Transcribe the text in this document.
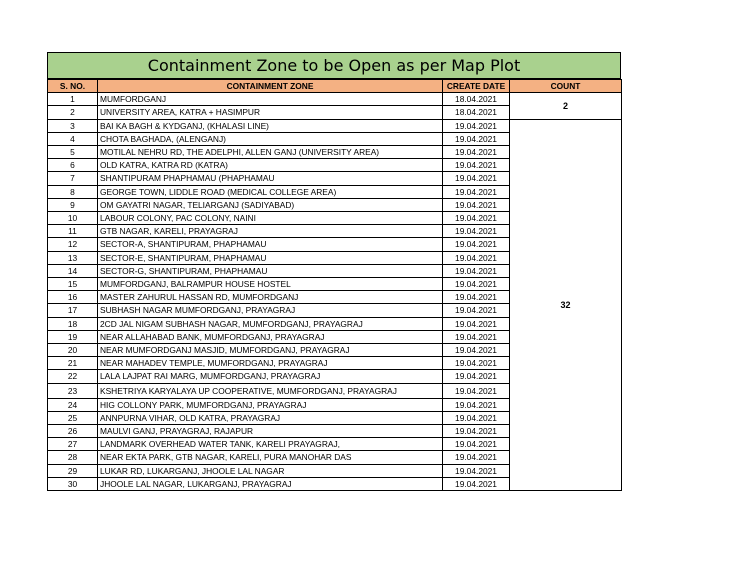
Containment Zone to be Open as per Map Plot
S. NO.	CONTAINMENT ZONE	CREATE DATE	COUNT
1	MUMFORDGANJ	18.04.2021	2
2	UNIVERSITY AREA, KATRA + HASIMPUR	18.04.2021	
3	BAI KA BAGH & KYDGANJ, (KHALASI LINE)	19.04.2021	32
4	CHOTA BAGHADA, (ALENGANJ)	19.04.2021	
5	MOTILAL NEHRU RD, THE ADELPHI, ALLEN GANJ (UNIVERSITY AREA)	19.04.2021	
6	OLD KATRA, KATRA RD (KATRA)	19.04.2021	
7	SHANTIPURAM PHAPHAMAU (PHAPHAMAU	19.04.2021	
8	GEORGE TOWN, LIDDLE ROAD (MEDICAL COLLEGE AREA)	19.04.2021	
9	OM GAYATRI NAGAR, TELIARGANJ (SADIYABAD)	19.04.2021	
10	LABOUR COLONY, PAC COLONY, NAINI	19.04.2021	
11	GTB NAGAR, KARELI, PRAYAGRAJ	19.04.2021	
12	SECTOR-A, SHANTIPURAM, PHAPHAMAU	19.04.2021	
13	SECTOR-E, SHANTIPURAM, PHAPHAMAU	19.04.2021	
14	SECTOR-G, SHANTIPURAM, PHAPHAMAU	19.04.2021	
15	MUMFORDGANJ, BALRAMPUR HOUSE HOSTEL	19.04.2021	
16	MASTER ZAHURUL HASSAN RD, MUMFORDGANJ	19.04.2021	
17	SUBHASH NAGAR MUMFORDGANJ, PRAYAGRAJ	19.04.2021	
18	2CD JAL NIGAM SUBHASH NAGAR, MUMFORDGANJ, PRAYAGRAJ	19.04.2021	
19	NEAR ALLAHABAD BANK, MUMFORDGANJ, PRAYAGRAJ	19.04.2021	
20	NEAR MUMFORDGANJ MASJID, MUMFORDGANJ, PRAYAGRAJ	19.04.2021	
21	NEAR MAHADEV TEMPLE, MUMFORDGANJ, PRAYAGRAJ	19.04.2021	
22	LALA LAJPAT RAI MARG, MUMFORDGANJ, PRAYAGRAJ	19.04.2021	
23	KSHETRIYA KARYALAYA UP COOPERATIVE, MUMFORDGANJ, PRAYAGRAJ	19.04.2021	
24	HIG COLLONY PARK, MUMFORDGANJ, PRAYAGRAJ	19.04.2021	
25	ANNPURNA VIHAR, OLD KATRA, PRAYAGRAJ	19.04.2021	
26	MAULVI GANJ, PRAYAGRAJ, RAJAPUR	19.04.2021	
27	LANDMARK OVERHEAD WATER TANK, KARELI PRAYAGRAJ,	19.04.2021	
28	NEAR EKTA PARK, GTB NAGAR, KARELI, PURA MANOHAR DAS	19.04.2021	
29	LUKAR RD, LUKARGANJ, JHOOLE LAL NAGAR	19.04.2021	
30	JHOOLE LAL NAGAR, LUKARGANJ, PRAYAGRAJ	19.04.2021	
